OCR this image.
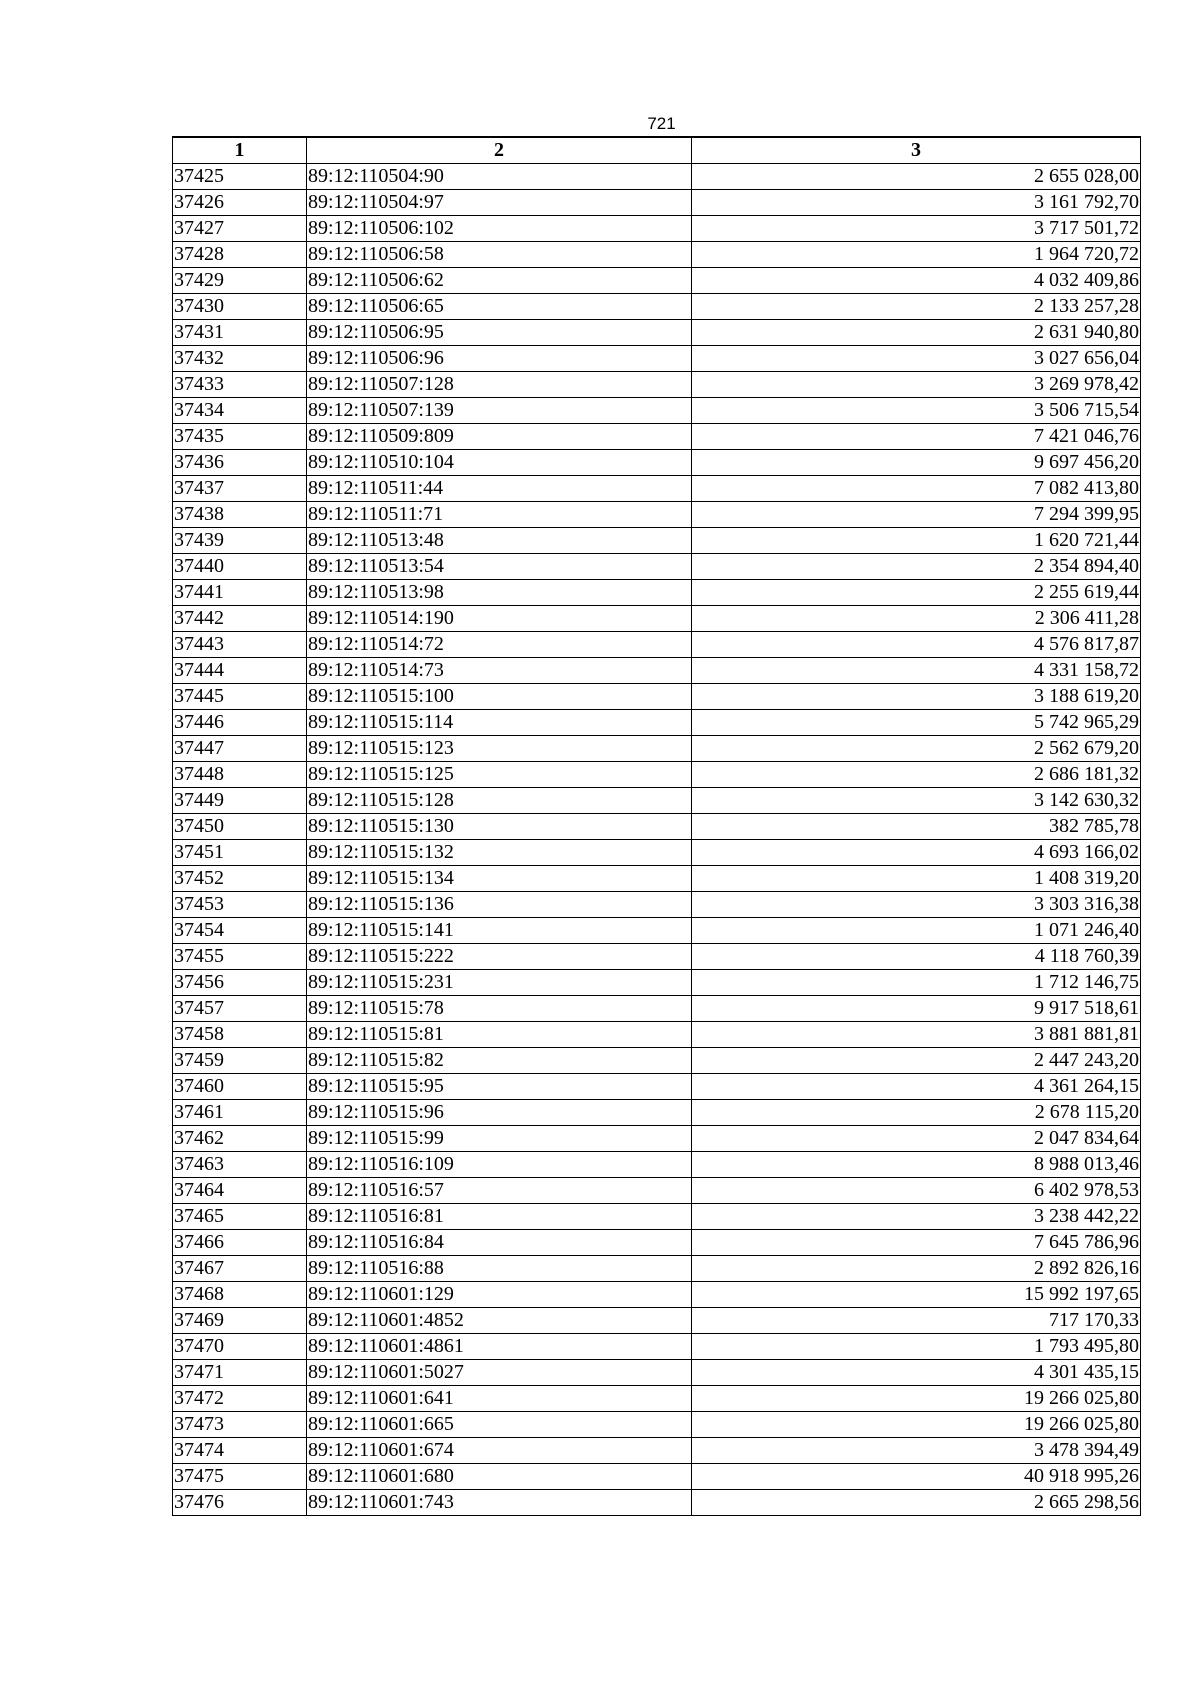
721
1	2	3
37425	89:12:110504:90	2 655 028,00
37426	89:12:110504:97	3 161 792,70
37427	89:12:110506:102	3 717 501,72
37428	89:12:110506:58	1 964 720,72
37429	89:12:110506:62	4 032 409,86
37430	89:12:110506:65	2 133 257,28
37431	89:12:110506:95	2 631 940,80
37432	89:12:110506:96	3 027 656,04
37433	89:12:110507:128	3 269 978,42
37434	89:12:110507:139	3 506 715,54
37435	89:12:110509:809	7 421 046,76
37436	89:12:110510:104	9 697 456,20
37437	89:12:110511:44	7 082 413,80
37438	89:12:110511:71	7 294 399,95
37439	89:12:110513:48	1 620 721,44
37440	89:12:110513:54	2 354 894,40
37441	89:12:110513:98	2 255 619,44
37442	89:12:110514:190	2 306 411,28
37443	89:12:110514:72	4 576 817,87
37444	89:12:110514:73	4 331 158,72
37445	89:12:110515:100	3 188 619,20
37446	89:12:110515:114	5 742 965,29
37447	89:12:110515:123	2 562 679,20
37448	89:12:110515:125	2 686 181,32
37449	89:12:110515:128	3 142 630,32
37450	89:12:110515:130	382 785,78
37451	89:12:110515:132	4 693 166,02
37452	89:12:110515:134	1 408 319,20
37453	89:12:110515:136	3 303 316,38
37454	89:12:110515:141	1 071 246,40
37455	89:12:110515:222	4 118 760,39
37456	89:12:110515:231	1 712 146,75
37457	89:12:110515:78	9 917 518,61
37458	89:12:110515:81	3 881 881,81
37459	89:12:110515:82	2 447 243,20
37460	89:12:110515:95	4 361 264,15
37461	89:12:110515:96	2 678 115,20
37462	89:12:110515:99	2 047 834,64
37463	89:12:110516:109	8 988 013,46
37464	89:12:110516:57	6 402 978,53
37465	89:12:110516:81	3 238 442,22
37466	89:12:110516:84	7 645 786,96
37467	89:12:110516:88	2 892 826,16
37468	89:12:110601:129	15 992 197,65
37469	89:12:110601:4852	717 170,33
37470	89:12:110601:4861	1 793 495,80
37471	89:12:110601:5027	4 301 435,15
37472	89:12:110601:641	19 266 025,80
37473	89:12:110601:665	19 266 025,80
37474	89:12:110601:674	3 478 394,49
37475	89:12:110601:680	40 918 995,26
37476	89:12:110601:743	2 665 298,56
